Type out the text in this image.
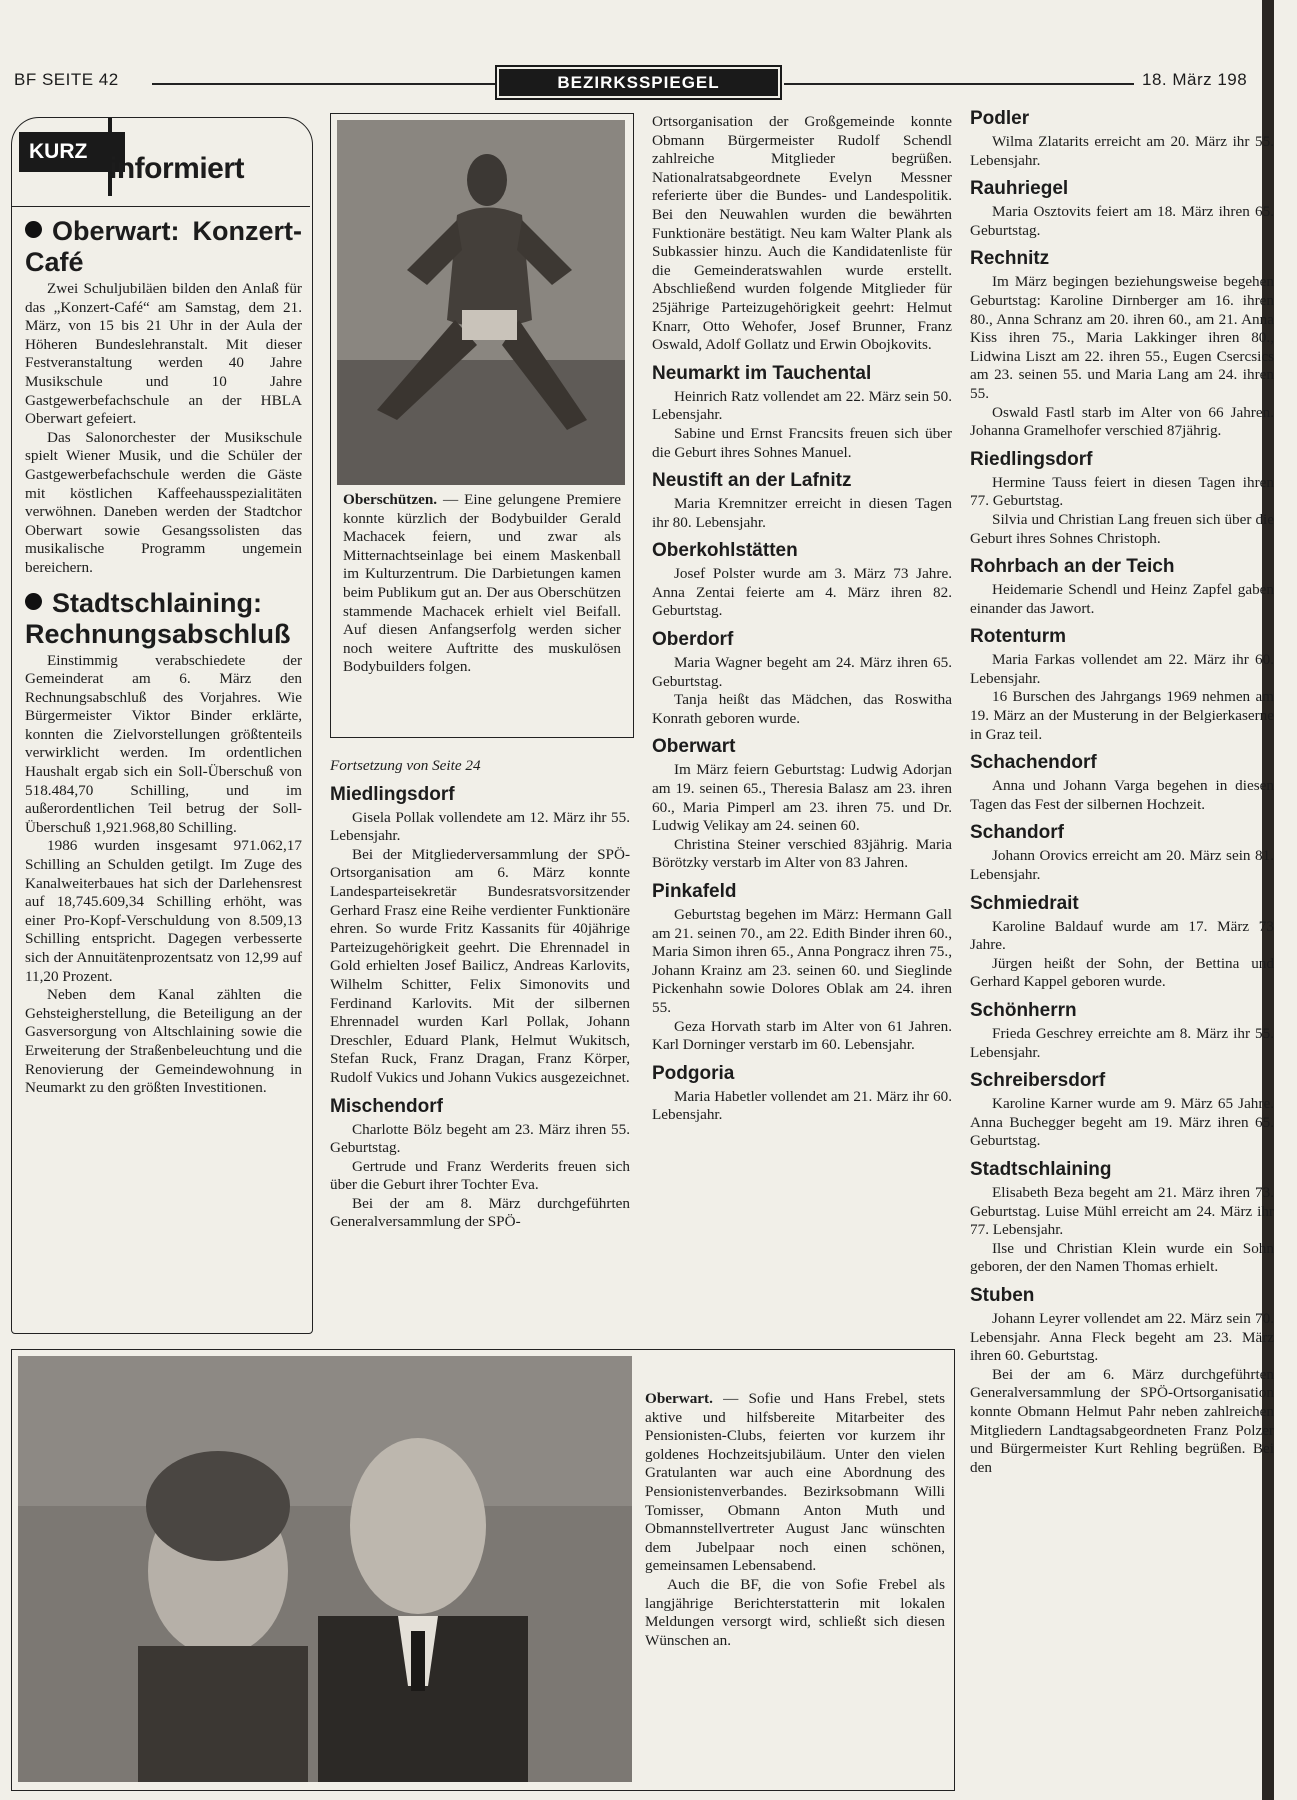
BF SEITE 42	BEZIRKSSPIEGEL	18. März 198
KURZ
informiert
Oberwart: Konzert-Café

Zwei Schuljubiläen bilden den Anlaß für das „Konzert-Café“ am Samstag, dem 21. März, von 15 bis 21 Uhr in der Aula der Höheren Bundeslehranstalt. Mit dieser Festveranstaltung werden 40 Jahre Musikschule und 10 Jahre Gastgewerbefachschule an der HBLA Oberwart gefeiert.

Das Salonorchester der Musikschule spielt Wiener Musik, und die Schüler der Gastgewerbefachschule werden die Gäste mit köstlichen Kaffeehausspezialitäten verwöhnen. Daneben werden der Stadtchor Oberwart sowie Gesangssolisten das musikalische Programm ungemein bereichern.

Stadtschlaining: Rechnungsabschluß

Einstimmig verabschiedete der Gemeinderat am 6. März den Rechnungsabschluß des Vorjahres. Wie Bürgermeister Viktor Binder erklärte, konnten die Zielvorstellungen größtenteils verwirklicht werden. Im ordentlichen Haushalt ergab sich ein Soll-Überschuß von 518.484,70 Schilling, und im außerordentlichen Teil betrug der Soll-Überschuß 1,921.968,80 Schilling.

1986 wurden insgesamt 971.062,17 Schilling an Schulden getilgt. Im Zuge des Kanalweiterbaues hat sich der Darlehensrest auf 18,745.609,34 Schilling erhöht, was einer Pro-Kopf-Verschuldung von 8.509,13 Schilling entspricht. Dagegen verbesserte sich der Annuitätenprozentsatz von 12,99 auf 11,20 Prozent.

Neben dem Kanal zählten die Gehsteigherstellung, die Beteiligung an der Gasversorgung von Altschlaining sowie die Erweiterung der Straßenbeleuchtung und die Renovierung der Gemeindewohnung in Neumarkt zu den größten Investitionen.

Oberschützen. — Eine gelungene Premiere konnte kürzlich der Bodybuilder Gerald Machacek feiern, und zwar als Mitternachtseinlage bei einem Maskenball im Kulturzentrum. Die Darbietungen kamen beim Publikum gut an. Der aus Oberschützen stammende Machacek erhielt viel Beifall. Auf diesen Anfangserfolg werden sicher noch weitere Auftritte des muskulösen Bodybuilders folgen.

Fortsetzung von Seite 24
Miedlingsdorf

Gisela Pollak vollendete am 12. März ihr 55. Lebensjahr.

Bei der Mitgliederversammlung der SPÖ-Ortsorganisation am 6. März konnte Landesparteisekretär Bundesratsvorsitzender Gerhard Frasz eine Reihe verdienter Funktionäre ehren. So wurde Fritz Kassanits für 40jährige Parteizugehörigkeit geehrt. Die Ehrennadel in Gold erhielten Josef Bailicz, Andreas Karlovits, Wilhelm Schitter, Felix Simonovits und Ferdinand Karlovits. Mit der silbernen Ehrennadel wurden Karl Pollak, Johann Dreschler, Eduard Plank, Helmut Wukitsch, Stefan Ruck, Franz Dragan, Franz Körper, Rudolf Vukics und Johann Vukics ausgezeichnet.

Mischendorf

Charlotte Bölz begeht am 23. März ihren 55. Geburtstag.

Gertrude und Franz Werderits freuen sich über die Geburt ihrer Tochter Eva.

Bei der am 8. März durchgeführten Generalversammlung der SPÖ-

Ortsorganisation der Großgemeinde konnte Obmann Bürgermeister Rudolf Schendl zahlreiche Mitglieder begrüßen. Nationalratsabgeordnete Evelyn Messner referierte über die Bundes- und Landespolitik. Bei den Neuwahlen wurden die bewährten Funktionäre bestätigt. Neu kam Walter Plank als Subkassier hinzu. Auch die Kandidatenliste für die Gemeinderatswahlen wurde erstellt. Abschließend wurden folgende Mitglieder für 25jährige Parteizugehörigkeit geehrt: Helmut Knarr, Otto Wehofer, Josef Brunner, Franz Oswald, Adolf Gollatz und Erwin Obojkovits.

Neumarkt im Tauchental

Heinrich Ratz vollendet am 22. März sein 50. Lebensjahr.

Sabine und Ernst Francsits freuen sich über die Geburt ihres Sohnes Manuel.

Neustift an der Lafnitz

Maria Kremnitzer erreicht in diesen Tagen ihr 80. Lebensjahr.

Oberkohlstätten

Josef Polster wurde am 3. März 73 Jahre. Anna Zentai feierte am 4. März ihren 82. Geburtstag.

Oberdorf

Maria Wagner begeht am 24. März ihren 65. Geburtstag.

Tanja heißt das Mädchen, das Roswitha Konrath geboren wurde.

Oberwart

Im März feiern Geburtstag: Ludwig Adorjan am 19. seinen 65., Theresia Balasz am 23. ihren 60., Maria Pimperl am 23. ihren 75. und Dr. Ludwig Velikay am 24. seinen 60.

Christina Steiner verschied 83jährig. Maria Börötzky verstarb im Alter von 83 Jahren.

Pinkafeld

Geburtstag begehen im März: Hermann Gall am 21. seinen 70., am 22. Edith Binder ihren 60., Maria Simon ihren 65., Anna Pongracz ihren 75., Johann Krainz am 23. seinen 60. und Sieglinde Pickenhahn sowie Dolores Oblak am 24. ihren 55.

Geza Horvath starb im Alter von 61 Jahren. Karl Dorninger verstarb im 60. Lebensjahr.

Podgoria

Maria Habetler vollendet am 21. März ihr 60. Lebensjahr.

Podler

Wilma Zlatarits erreicht am 20. März ihr 55. Lebensjahr.

Rauhriegel

Maria Osztovits feiert am 18. März ihren 65. Geburtstag.

Rechnitz

Im März begingen beziehungsweise begehen Geburtstag: Karoline Dirnberger am 16. ihren 80., Anna Schranz am 20. ihren 60., am 21. Anna Kiss ihren 75., Maria Lakkinger ihren 80., Lidwina Liszt am 22. ihren 55., Eugen Csercsics am 23. seinen 55. und Maria Lang am 24. ihren 55.

Oswald Fastl starb im Alter von 66 Jahren. Johanna Gramelhofer verschied 87jährig.

Riedlingsdorf

Hermine Tauss feiert in diesen Tagen ihren 77. Geburtstag.

Silvia und Christian Lang freuen sich über die Geburt ihres Sohnes Christoph.

Rohrbach an der Teich

Heidemarie Schendl und Heinz Zapfel gaben einander das Jawort.

Rotenturm

Maria Farkas vollendet am 22. März ihr 60. Lebensjahr.

16 Burschen des Jahrgangs 1969 nehmen am 19. März an der Musterung in der Belgierkaserne in Graz teil.

Schachendorf

Anna und Johann Varga begehen in diesen Tagen das Fest der silbernen Hochzeit.

Schandorf

Johann Orovics erreicht am 20. März sein 81. Lebensjahr.

Schmiedrait

Karoline Baldauf wurde am 17. März 73 Jahre.

Jürgen heißt der Sohn, der Bettina und Gerhard Kappel geboren wurde.

Schönherrn

Frieda Geschrey erreichte am 8. März ihr 55. Lebensjahr.

Schreibersdorf

Karoline Karner wurde am 9. März 65 Jahre. Anna Buchegger begeht am 19. März ihren 65. Geburtstag.

Stadtschlaining

Elisabeth Beza begeht am 21. März ihren 73. Geburtstag. Luise Mühl erreicht am 24. März ihr 77. Lebensjahr.

Ilse und Christian Klein wurde ein Sohn geboren, der den Namen Thomas erhielt.

Stuben

Johann Leyrer vollendet am 22. März sein 70. Lebensjahr. Anna Fleck begeht am 23. März ihren 60. Geburtstag.

Bei der am 6. März durchgeführten Generalversammlung der SPÖ-Ortsorganisation konnte Obmann Helmut Pahr neben zahlreichen Mitgliedern Landtagsabgeordneten Franz Polzer und Bürgermeister Kurt Rehling begrüßen. Bei den

Oberwart. — Sofie und Hans Frebel, stets aktive und hilfsbereite Mitarbeiter des Pensionisten-Clubs, feierten vor kurzem ihr goldenes Hochzeitsjubiläum. Unter den vielen Gratulanten war auch eine Abordnung des Pensionistenverbandes. Bezirksobmann Willi Tomisser, Obmann Anton Muth und Obmannstellvertreter August Janc wünschten dem Jubelpaar noch einen schönen, gemeinsamen Lebensabend.

Auch die BF, die von Sofie Frebel als langjährige Berichterstatterin mit lokalen Meldungen versorgt wird, schließt sich diesen Wünschen an.
